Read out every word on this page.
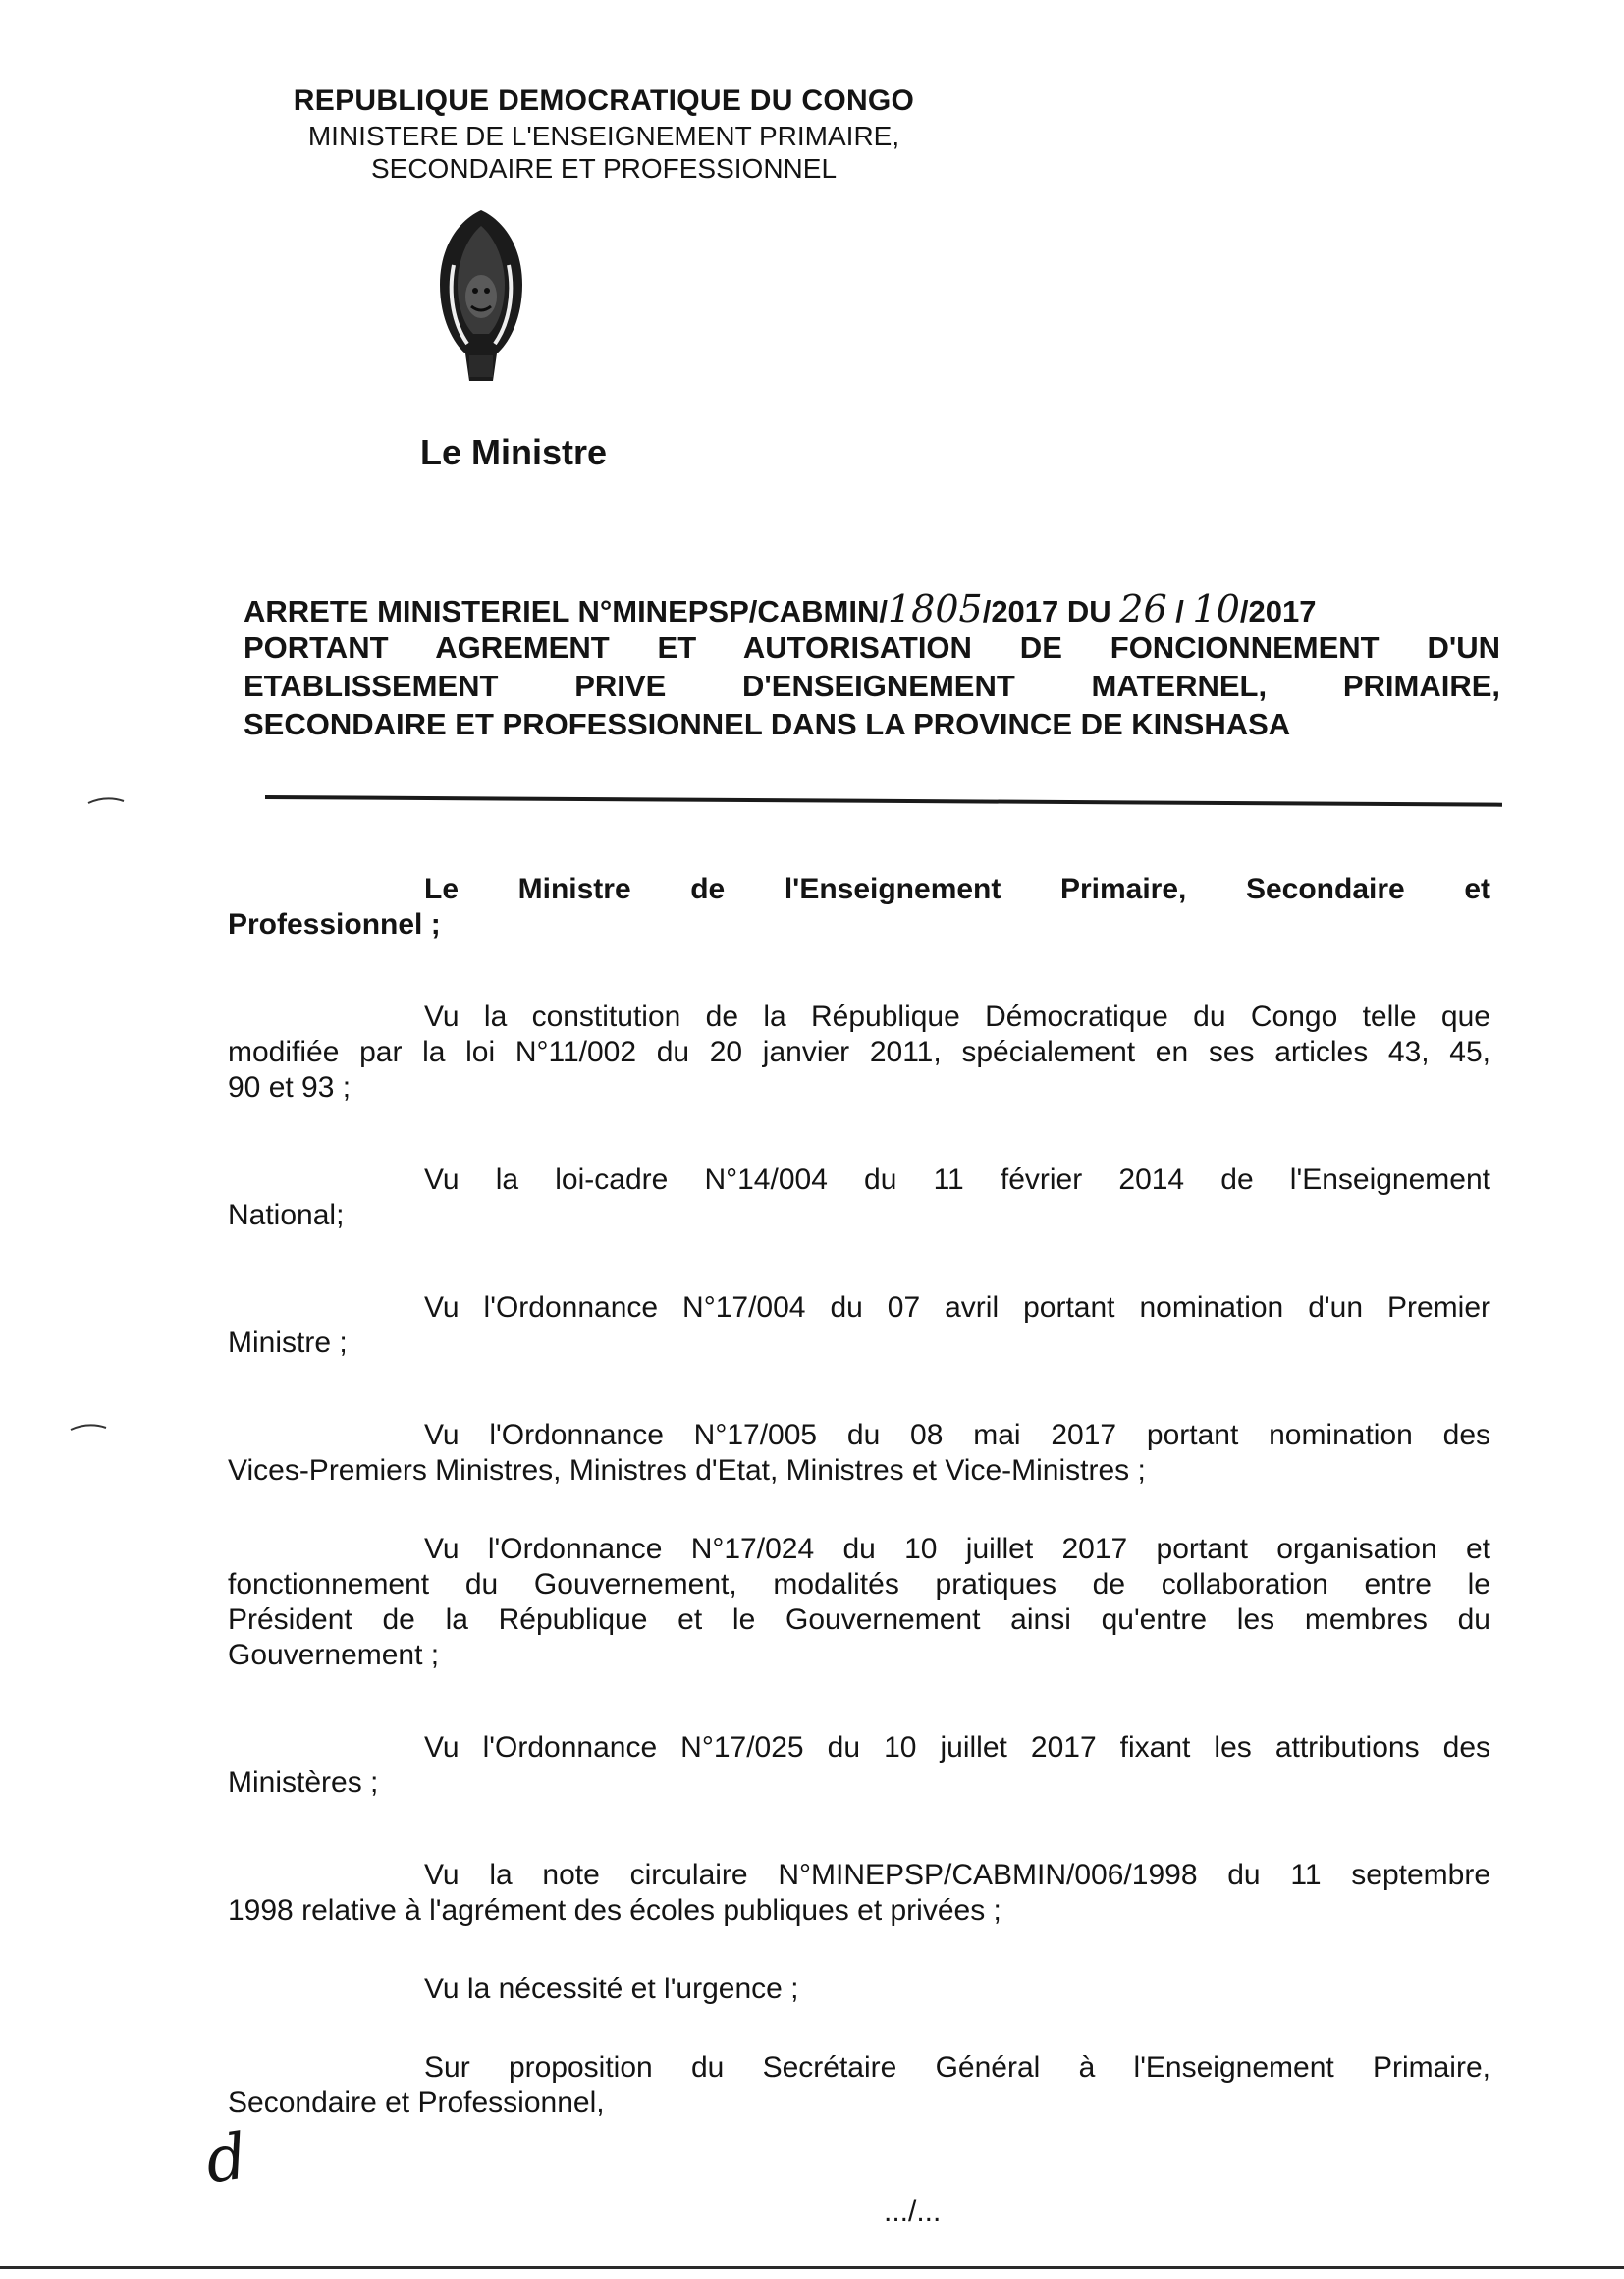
REPUBLIQUE DEMOCRATIQUE DU CONGO
MINISTERE DE L'ENSEIGNEMENT PRIMAIRE,
SECONDAIRE ET PROFESSIONNEL
Le Ministre
ARRETE MINISTERIEL N°MINEPSP/CABMIN/1805/2017 DU 26 / 10/2017
PORTANT AGREMENT ET AUTORISATION DE FONCIONNEMENT D'UN
ETABLISSEMENT PRIVE D'ENSEIGNEMENT MATERNEL, PRIMAIRE,
SECONDAIRE ET PROFESSIONNEL DANS LA PROVINCE DE KINSHASA
Le Ministre de l'Enseignement Primaire, Secondaire et
Professionnel ;
Vu la constitution de la République Démocratique du Congo telle que
modifiée par la loi N°11/002 du 20 janvier 2011, spécialement en ses articles 43, 45,
90 et 93 ;
Vu la loi-cadre N°14/004 du 11 février 2014 de l'Enseignement
National;
Vu l'Ordonnance N°17/004 du 07 avril portant nomination d'un Premier
Ministre ;
Vu l'Ordonnance N°17/005 du 08 mai 2017 portant nomination des
Vices-Premiers Ministres, Ministres d'Etat, Ministres et Vice-Ministres ;
Vu l'Ordonnance N°17/024 du 10 juillet 2017 portant organisation et
fonctionnement du Gouvernement, modalités pratiques de collaboration entre le
Président de la République et le Gouvernement ainsi qu'entre les membres du
Gouvernement ;
Vu l'Ordonnance N°17/025 du 10 juillet 2017 fixant les attributions des
Ministères ;
Vu la note circulaire N°MINEPSP/CABMIN/006/1998 du 11 septembre
1998 relative à l'agrément des écoles publiques et privées ;
Vu la nécessité et l'urgence ;
Sur proposition du Secrétaire Général à l'Enseignement Primaire,
Secondaire et Professionnel,
d
.../...
